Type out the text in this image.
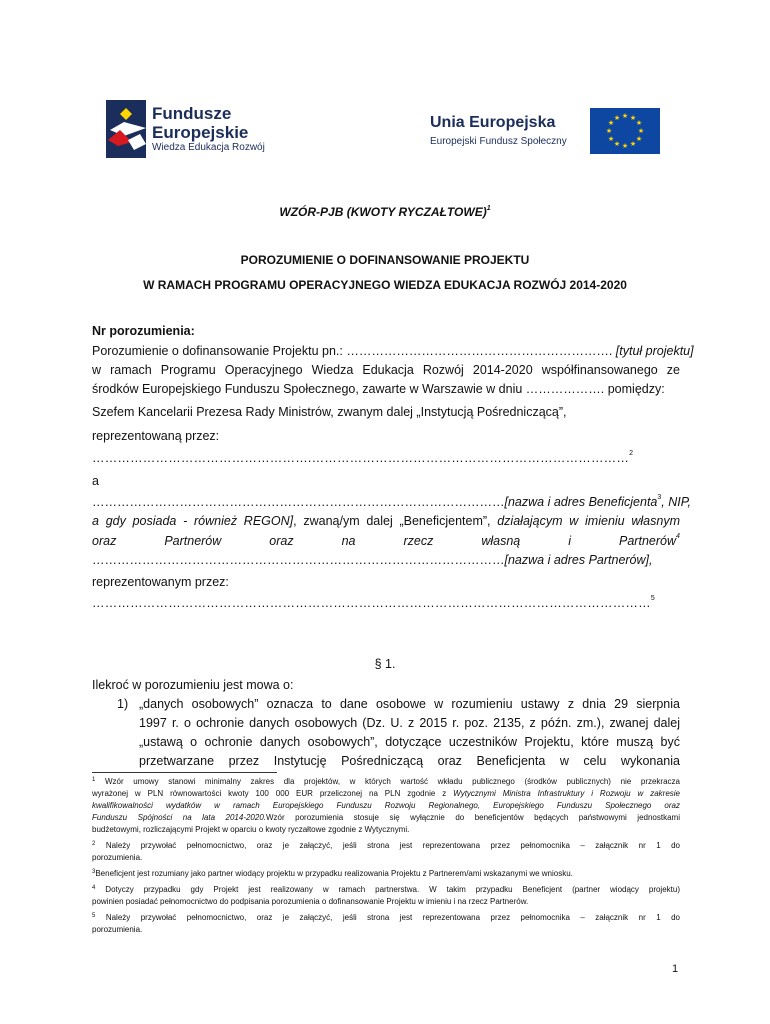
Fundusze
Europejskie
Wiedza Edukacja Rozwój
Unia Europejska
Europejski Fundusz Społeczny
★ ★
★
★
★
★
★
★
★
★
★
★
WZÓR-PJB (KWOTY RYCZAŁTOWE)$^1$
POROZUMIENIE O DOFINANSOWANIE PROJEKTU
W RAMACH PROGRAMU OPERACYJNEGO WIEDZA EDUKACJA ROZWÓJ 2014-2020
Nr porozumienia:
Porozumienie o dofinansowanie Projektu pn.: ………………………………………………………. [tytuł projektu]
w ramach Programu Operacyjnego Wiedza Edukacja Rozwój 2014-2020 współfinansowanego ze
środków Europejskiego Funduszu Społecznego, zawarte w Warszawie w dniu ………………. pomiędzy:
Szefem Kancelarii Prezesa Rady Ministrów, zwanym dalej „Instytucją Pośredniczącą”,
reprezentowaną przez:
…………………………………………….…………………………………………………………………$^2$
a
………………………………………………………………………………………[nazwa i adres Beneficjenta$^3$, NIP,
a gdy posiada - również REGON], zwaną/ym dalej „Beneficjentem”, działającym w imieniu własnym
oraz	Partnerów	oraz	na	rzecz	własną	i	Partnerów$^4$
………………………………………………………………………………………[nazwa i adres Partnerów],
reprezentowanym przez:
……………………………………………………………………………………………………………………$^5$
§ 1.
Ilekroć w porozumieniu jest mowa o:
1) „danych osobowych” oznacza to dane osobowe w rozumieniu ustawy z dnia 29 sierpnia
1997 r. o ochronie danych osobowych (Dz. U. z 2015 r. poz. 2135, z późn. zm.), zwanej dalej
„ustawą o ochronie danych osobowych”, dotyczące uczestników Projektu, które muszą być
przetwarzane przez Instytucję Pośredniczącą oraz Beneficjenta w celu wykonania
$^1$ Wzór umowy stanowi minimalny zakres dla projektów, w których wartość wkładu publicznego (środków publicznych) nie przekracza
wyrażonej w PLN równowartości kwoty 100 000 EUR przeliczonej na PLN zgodnie z Wytycznymi Ministra Infrastruktury i Rozwoju w zakresie
kwalifikowalności wydatków w ramach Europejskiego Funduszu Rozwoju Regionalnego, Europejskiego Funduszu Społecznego oraz
Funduszu Spójności na lata 2014-2020.Wzór porozumienia stosuje się wyłącznie do beneficjentów będących państwowymi jednostkami
budżetowymi, rozliczającymi Projekt w oparciu o kwoty ryczałtowe zgodnie z Wytycznymi.
$^2$ Należy przywołać pełnomocnictwo, oraz je załączyć, jeśli strona jest reprezentowana przez pełnomocnika – załącznik nr 1 do
porozumienia.
$^3$Beneficjent jest rozumiany jako partner wiodący projektu w przypadku realizowania Projektu z Partnerem/ami wskazanymi we wniosku.
$^4$ Dotyczy przypadku gdy Projekt jest realizowany w ramach partnerstwa. W takim przypadku Beneficjent (partner wiodący projektu)
powinien posiadać pełnomocnictwo do podpisania porozumienia o dofinansowanie Projektu w imieniu i na rzecz Partnerów.
$^5$ Należy przywołać pełnomocnictwo, oraz je załączyć, jeśli strona jest reprezentowana przez pełnomocnika – załącznik nr 1 do
porozumienia.
1
